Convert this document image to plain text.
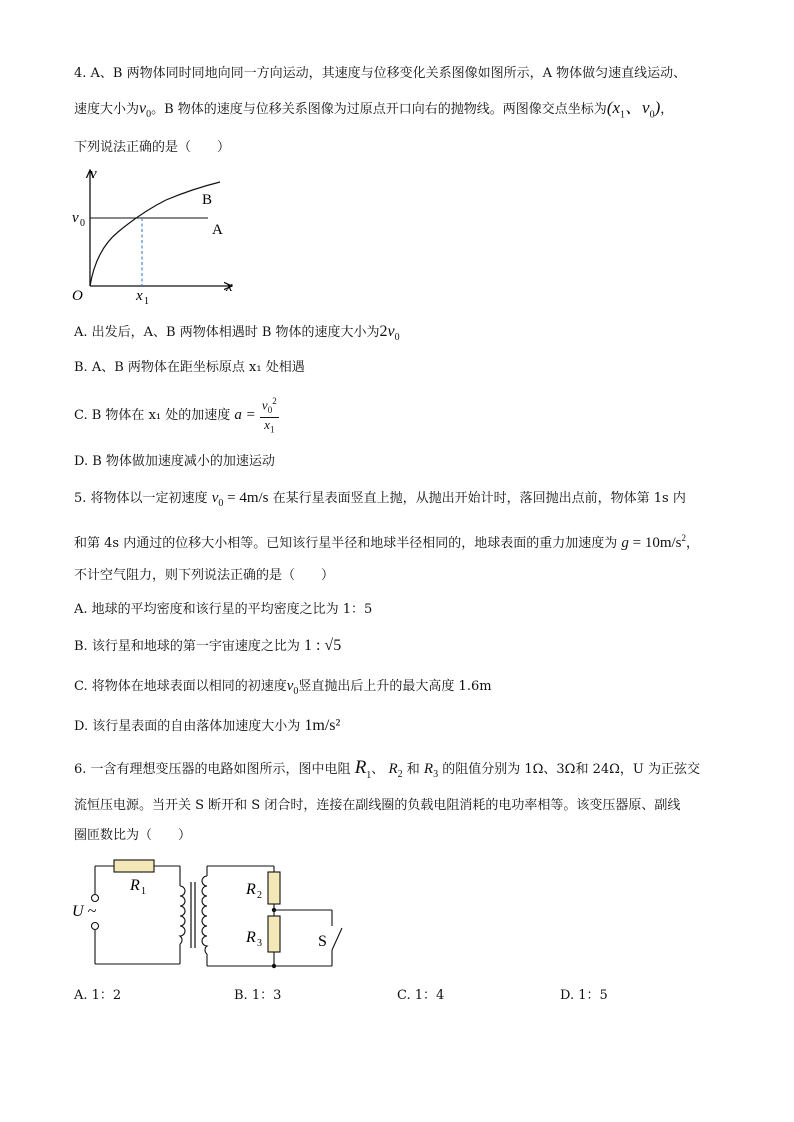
4. A、B 两物体同时同地向同一方向运动，其速度与位移变化关系图像如图所示，A 物体做匀速直线运动、
速度大小为$v_0$。B 物体的速度与位移关系图像为过原点开口向右的抛物线。两图像交点坐标为($x_1$、$v_0$)，
下列说法正确的是（　　）
v
x
O
v 0
x 1
B
A
A. 出发后，A、B 两物体相遇时 B 物体的速度大小为$2v_0$
B. A、B 两物体在距坐标原点 x₁ 处相遇
C. B 物体在 x₁ 处的加速度 $a = \frac{v_0^2}{x_1}$
D. B 物体做加速度减小的加速运动
5. 将物体以一定初速度 $v_0 = 4m/s$ 在某行星表面竖直上抛，从抛出开始计时，落回抛出点前，物体第 1s 内
和第 4s 内通过的位移大小相等。已知该行星半径和地球半径相同的，地球表面的重力加速度为 $g = 10m/s^2$，
不计空气阻力，则下列说法正确的是（　　）
A. 地球的平均密度和该行星的平均密度之比为 1：5
B. 该行星和地球的第一宇宙速度之比为 1 : √5
C. 将物体在地球表面以相同的初速度$v_0$竖直抛出后上升的最大高度 1.6m
D. 该行星表面的自由落体加速度大小为 1m/s²
6. 一含有理想变压器的电路如图所示，图中电阻 $R_1$、 $R_2$ 和 $R_3$ 的阻值分别为 1Ω、3Ω和 24Ω，U 为正弦交
流恒压电源。当开关 S 断开和 S 闭合时，连接在副线圈的负载电阻消耗的电功率相等。该变压器原、副线
圈匝数比为（　　）
R 1	R 2
R 3
U ~
S
A. 1：2	B. 1：3	C. 1：4	D. 1：5
